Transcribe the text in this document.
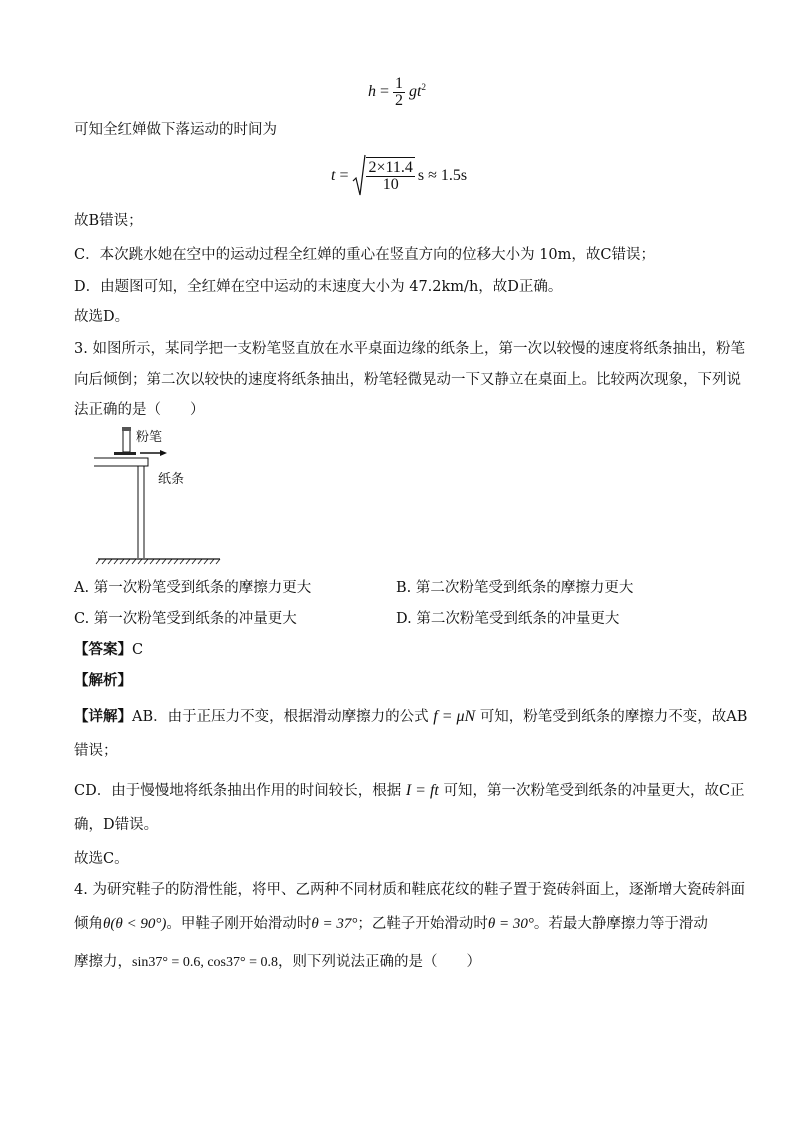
$h = \frac{1}{2} gt^2$
可知全红婵做下落运动的时间为
$t = \frac{2\times 11.4}{10}$ s ≈ 1.5s
故B错误；
C．本次跳水她在空中的运动过程全红婵的重心在竖直方向的位移大小为 10m，故C错误；
D．由题图可知，全红婵在空中运动的末速度大小为 47.2km/h，故D正确。
故选D。
3. 如图所示，某同学把一支粉笔竖直放在水平桌面边缘的纸条上，第一次以较慢的速度将纸条抽出，粉笔
向后倾倒；第二次以较快的速度将纸条抽出，粉笔轻微晃动一下又静立在桌面上。比较两次现象，下列说
法正确的是（　　）
粉笔
纸条
A. 第一次粉笔受到纸条的摩擦力更大	B. 第二次粉笔受到纸条的摩擦力更大
C. 第一次粉笔受到纸条的冲量更大	D. 第二次粉笔受到纸条的冲量更大
【答案】C
【解析】
【详解】AB．由于正压力不变，根据滑动摩擦力的公式 f = μN 可知，粉笔受到纸条的摩擦力不变，故AB
错误；
CD．由于慢慢地将纸条抽出作用的时间较长，根据 I = ft 可知，第一次粉笔受到纸条的冲量更大，故C正
确，D错误。
故选C。
4. 为研究鞋子的防滑性能，将甲、乙两种不同材质和鞋底花纹的鞋子置于瓷砖斜面上，逐渐增大瓷砖斜面
倾角θ(θ < 90°)。甲鞋子刚开始滑动时θ = 37°；乙鞋子开始滑动时θ = 30°。若最大静摩擦力等于滑动
摩擦力，sin37° = 0.6, cos37° = 0.8，则下列说法正确的是（　　）
